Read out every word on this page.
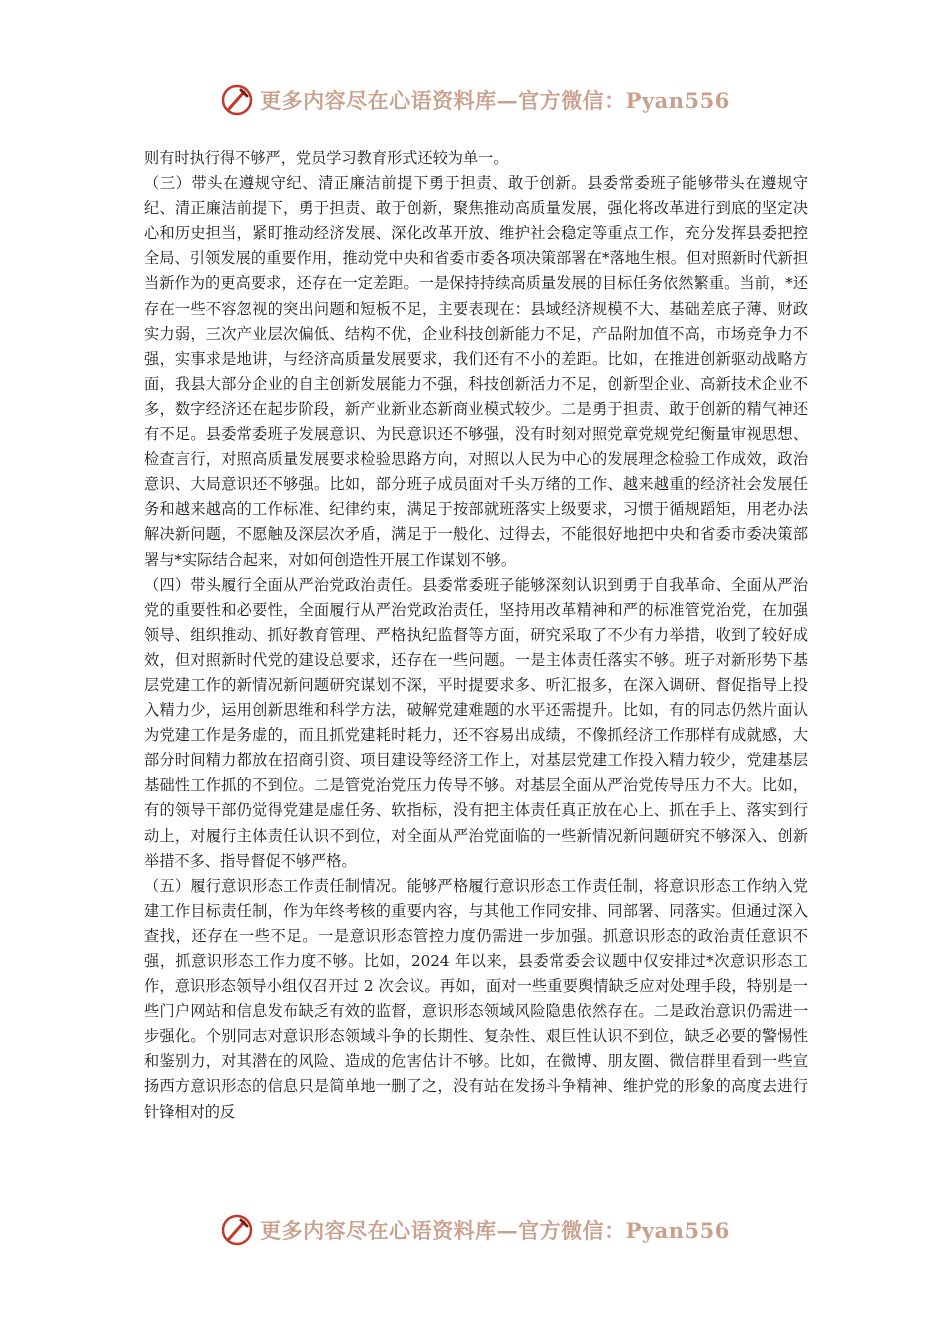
更多内容尽在心语资料库—官方微信：Pyan556

则有时执行得不够严，党员学习教育形式还较为单一。

（三）带头在遵规守纪、清正廉洁前提下勇于担责、敢于创新。县委常委班子能够带头在遵规守纪、清正廉洁前提下，勇于担责、敢于创新，聚焦推动高质量发展，强化将改革进行到底的坚定决心和历史担当，紧盯推动经济发展、深化改革开放、维护社会稳定等重点工作，充分发挥县委把控全局、引领发展的重要作用，推动党中央和省委市委各项决策部署在*落地生根。但对照新时代新担当新作为的更高要求，还存在一定差距。一是保持持续高质量发展的目标任务依然繁重。当前，*还存在一些不容忽视的突出问题和短板不足，主要表现在：县域经济规模不大、基础差底子薄、财政实力弱，三次产业层次偏低、结构不优，企业科技创新能力不足，产品附加值不高，市场竞争力不强，实事求是地讲，与经济高质量发展要求，我们还有不小的差距。比如，在推进创新驱动战略方面，我县大部分企业的自主创新发展能力不强，科技创新活力不足，创新型企业、高新技术企业不多，数字经济还在起步阶段，新产业新业态新商业模式较少。二是勇于担责、敢于创新的精气神还有不足。县委常委班子发展意识、为民意识还不够强，没有时刻对照党章党规党纪衡量审视思想、检查言行，对照高质量发展要求检验思路方向，对照以人民为中心的发展理念检验工作成效，政治意识、大局意识还不够强。比如，部分班子成员面对千头万绪的工作、越来越重的经济社会发展任务和越来越高的工作标准、纪律约束，满足于按部就班落实上级要求，习惯于循规蹈矩，用老办法解决新问题，不愿触及深层次矛盾，满足于一般化、过得去，不能很好地把中央和省委市委决策部署与*实际结合起来，对如何创造性开展工作谋划不够。

（四）带头履行全面从严治党政治责任。县委常委班子能够深刻认识到勇于自我革命、全面从严治党的重要性和必要性，全面履行从严治党政治责任，坚持用改革精神和严的标准管党治党，在加强领导、组织推动、抓好教育管理、严格执纪监督等方面，研究采取了不少有力举措，收到了较好成效，但对照新时代党的建设总要求，还存在一些问题。一是主体责任落实不够。班子对新形势下基层党建工作的新情况新问题研究谋划不深，平时提要求多、听汇报多，在深入调研、督促指导上投入精力少，运用创新思维和科学方法，破解党建难题的水平还需提升。比如，有的同志仍然片面认为党建工作是务虚的，而且抓党建耗时耗力，还不容易出成绩，不像抓经济工作那样有成就感，大部分时间精力都放在招商引资、项目建设等经济工作上，对基层党建工作投入精力较少，党建基层基础性工作抓的不到位。二是管党治党压力传导不够。对基层全面从严治党传导压力不大。比如，有的领导干部仍觉得党建是虚任务、软指标，没有把主体责任真正放在心上、抓在手上、落实到行动上，对履行主体责任认识不到位，对全面从严治党面临的一些新情况新问题研究不够深入、创新举措不多、指导督促不够严格。

（五）履行意识形态工作责任制情况。能够严格履行意识形态工作责任制，将意识形态工作纳入党建工作目标责任制，作为年终考核的重要内容，与其他工作同安排、同部署、同落实。但通过深入查找，还存在一些不足。一是意识形态管控力度仍需进一步加强。抓意识形态的政治责任意识不强，抓意识形态工作力度不够。比如，2024 年以来，县委常委会议题中仅安排过*次意识形态工作，意识形态领导小组仅召开过 2 次会议。再如，面对一些重要舆情缺乏应对处理手段，特别是一些门户网站和信息发布缺乏有效的监督，意识形态领域风险隐患依然存在。二是政治意识仍需进一步强化。个别同志对意识形态领域斗争的长期性、复杂性、艰巨性认识不到位，缺乏必要的警惕性和鉴别力，对其潜在的风险、造成的危害估计不够。比如，在微博、朋友圈、微信群里看到一些宣扬西方意识形态的信息只是简单地一删了之，没有站在发扬斗争精神、维护党的形象的高度去进行针锋相对的反

更多内容尽在心语资料库—官方微信：Pyan556
